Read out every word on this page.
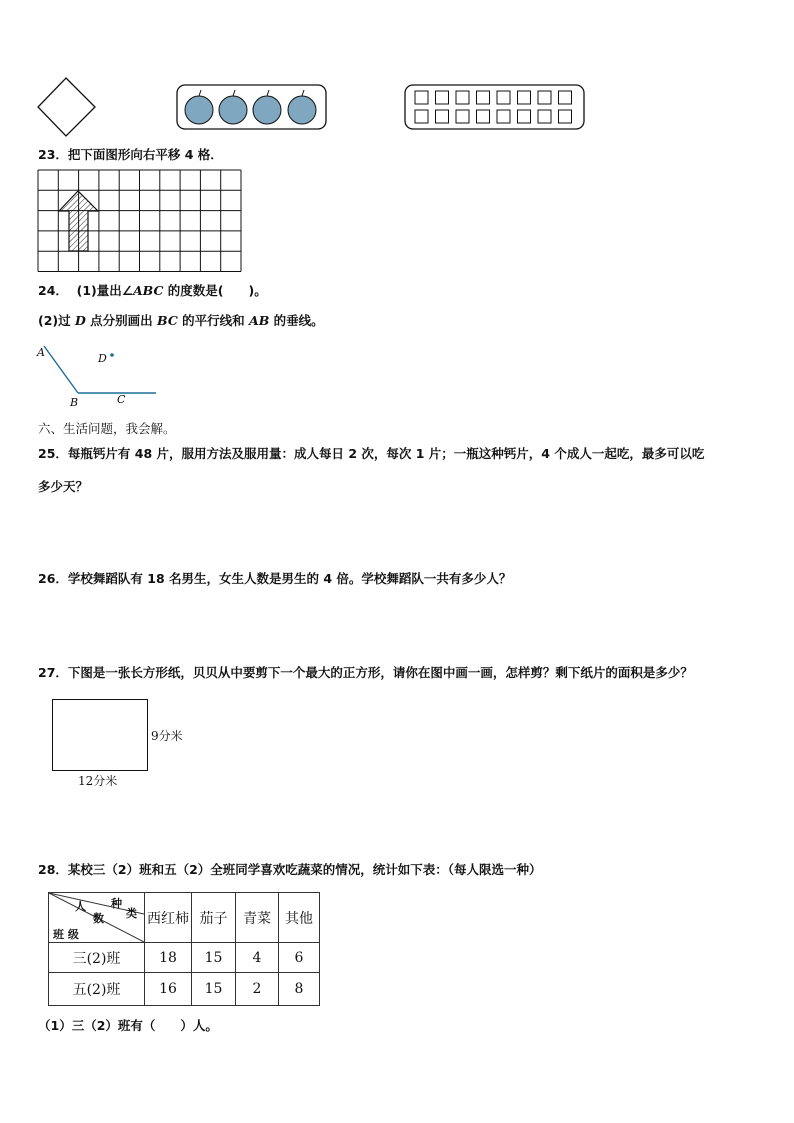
23．把下面图形向右平移 4 格．
24． (1)量出∠ABC 的度数是(　　)。
(2)过 D 点分别画出 BC 的平行线和 AB 的垂线。
A
B	C
D
六、生活问题，我会解。
25．每瓶钙片有 48 片，服用方法及服用量：成人每日 2 次，每次 1 片；一瓶这种钙片，4 个成人一起吃，最多可以吃
多少天？
26．学校舞蹈队有 18 名男生，女生人数是男生的 4 倍。学校舞蹈队一共有多少人？
27．下图是一张长方形纸，贝贝从中要剪下一个最大的正方形，请你在图中画一画，怎样剪？剩下纸片的面积是多少？
9分米
12分米
28．某校三（2）班和五（2）全班同学喜欢吃蔬菜的情况，统计如下表：（每人限选一种）
种
类
人
数
班 级	西红柿	茄子	青菜	其他
三(2)班	18	15	4	6
五(2)班	16	15	2	8
（1）三（2）班有（　　）人。
